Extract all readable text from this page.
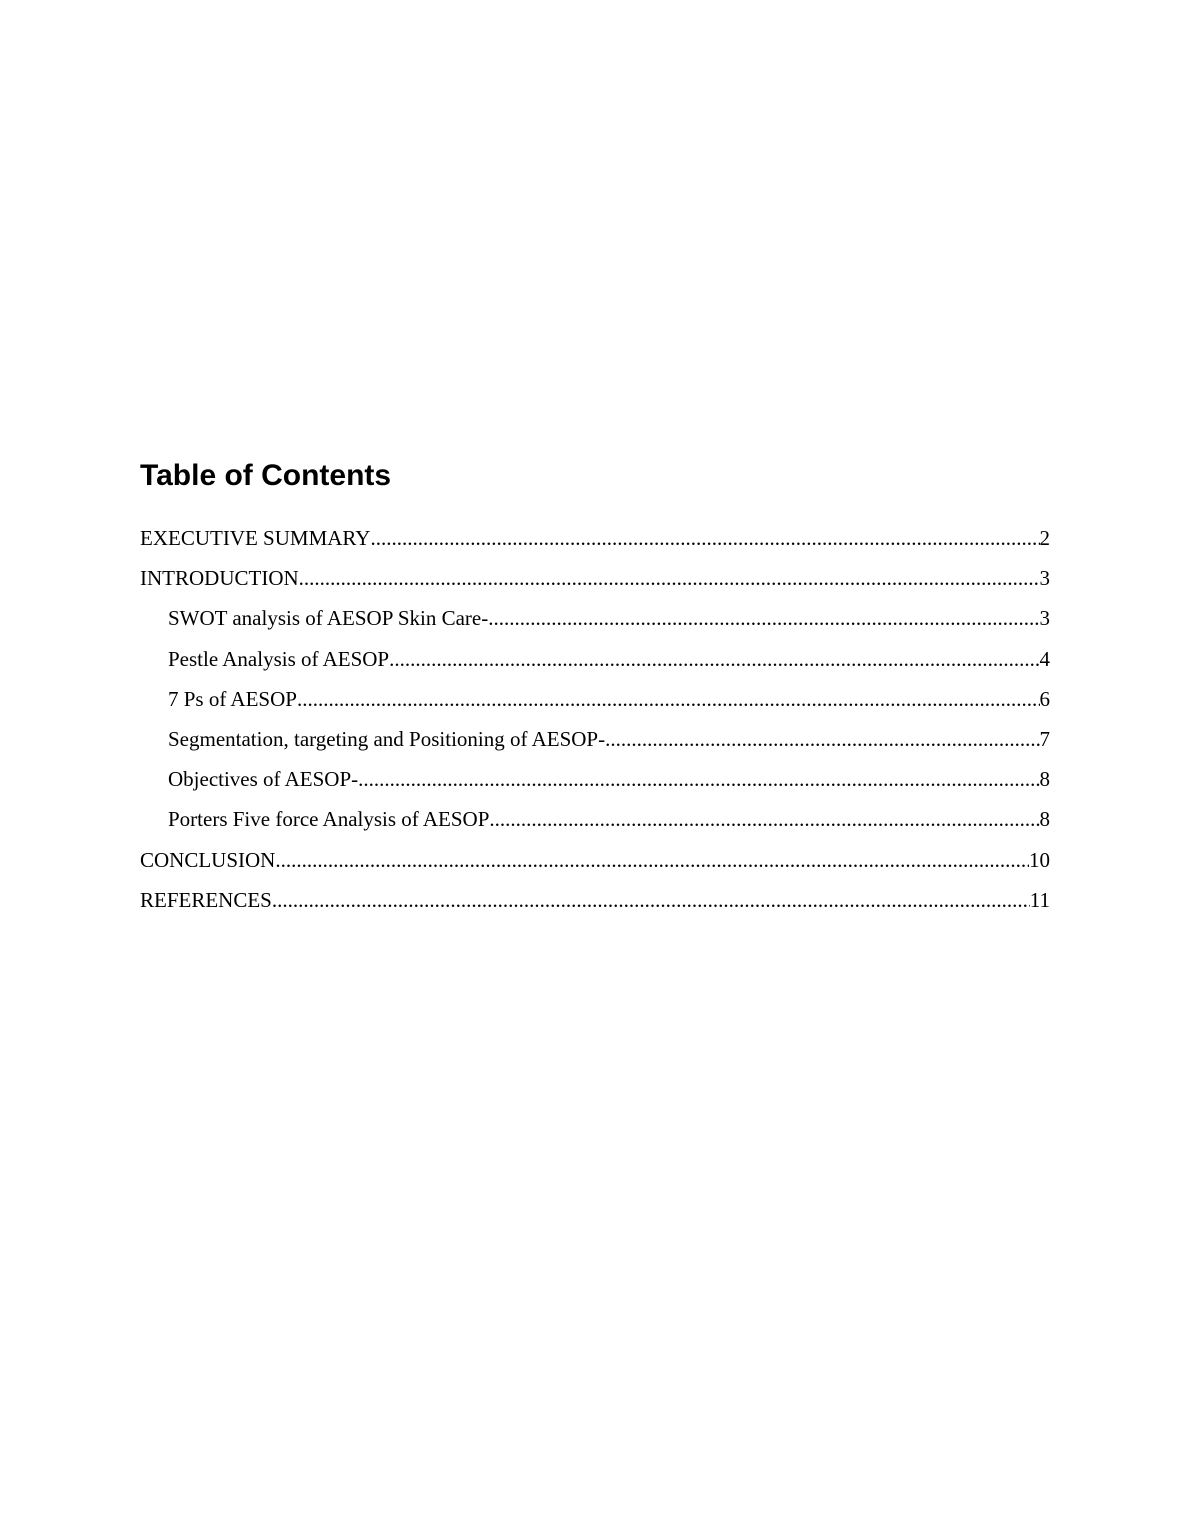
Table of Contents
EXECUTIVE SUMMARY .....	2
INTRODUCTION .....	3
SWOT analysis of AESOP Skin Care- .....	3
Pestle Analysis of AESOP .....	4
7 Ps of AESOP .....	6
Segmentation, targeting and Positioning of AESOP- .....	7
Objectives of AESOP- .....	8
Porters Five force Analysis of AESOP .....	8
CONCLUSION .....	10
REFERENCES .....	11
